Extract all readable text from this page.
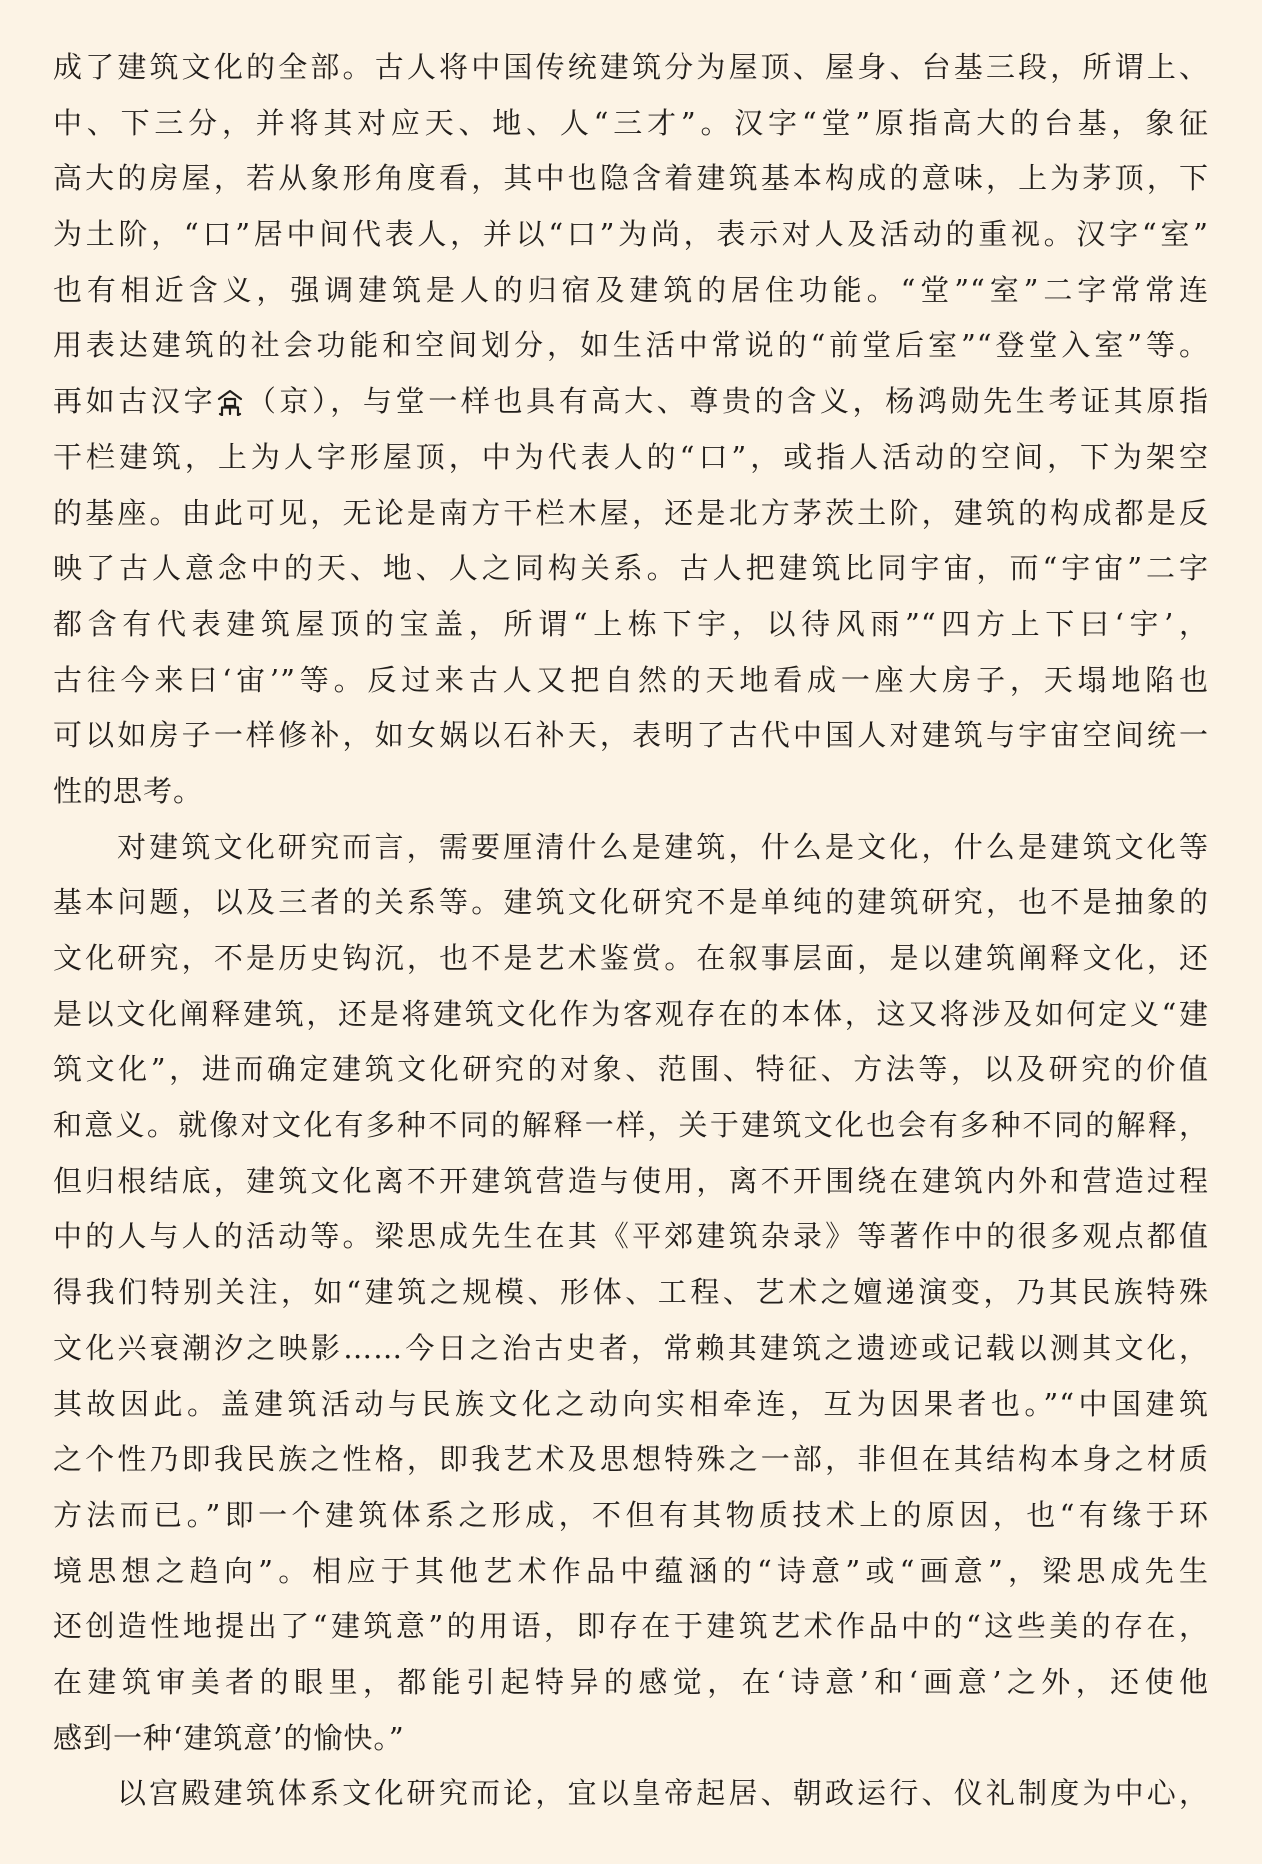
成了建筑文化的全部。古人将中国传统建筑分为屋顶、屋身、台基三段，所谓上、
中、下三分，并将其对应天、地、人“三才”。汉字“堂”原指高大的台基，象征
高大的房屋，若从象形角度看，其中也隐含着建筑基本构成的意味，上为茅顶，下
为土阶，“口”居中间代表人，并以“口”为尚，表示对人及活动的重视。汉字“室”
也有相近含义，强调建筑是人的归宿及建筑的居住功能。“堂”“室”二字常常连
用表达建筑的社会功能和空间划分，如生活中常说的“前堂后室”“登堂入室”等。
再如古汉字 （京），与堂一样也具有高大、尊贵的含义，杨鸿勋先生考证其原指
干栏建筑，上为人字形屋顶，中为代表人的“口”，或指人活动的空间，下为架空
的基座。由此可见，无论是南方干栏木屋，还是北方茅茨土阶，建筑的构成都是反
映了古人意念中的天、地、人之同构关系。古人把建筑比同宇宙，而“宇宙”二字
都含有代表建筑屋顶的宝盖，所谓“上栋下宇，以待风雨”“四方上下曰‘宇’，
古往今来曰‘宙’”等。反过来古人又把自然的天地看成一座大房子，天塌地陷也
可以如房子一样修补，如女娲以石补天，表明了古代中国人对建筑与宇宙空间统一
性的思考。

对建筑文化研究而言，需要厘清什么是建筑，什么是文化，什么是建筑文化等
基本问题，以及三者的关系等。建筑文化研究不是单纯的建筑研究，也不是抽象的
文化研究，不是历史钩沉，也不是艺术鉴赏。在叙事层面，是以建筑阐释文化，还
是以文化阐释建筑，还是将建筑文化作为客观存在的本体，这又将涉及如何定义“建
筑文化”，进而确定建筑文化研究的对象、范围、特征、方法等，以及研究的价值
和意义。就像对文化有多种不同的解释一样，关于建筑文化也会有多种不同的解释，
但归根结底，建筑文化离不开建筑营造与使用，离不开围绕在建筑内外和营造过程
中的人与人的活动等。梁思成先生在其《平郊建筑杂录》等著作中的很多观点都值
得我们特别关注，如“建筑之规模、形体、工程、艺术之嬗递演变，乃其民族特殊
文化兴衰潮汐之映影……今日之治古史者，常赖其建筑之遗迹或记载以测其文化，
其故因此。盖建筑活动与民族文化之动向实相牵连，互为因果者也。”“中国建筑
之个性乃即我民族之性格，即我艺术及思想特殊之一部，非但在其结构本身之材质
方法而已。”即一个建筑体系之形成，不但有其物质技术上的原因，也“有缘于环
境思想之趋向”。相应于其他艺术作品中蕴涵的“诗意”或“画意”，梁思成先生
还创造性地提出了“建筑意”的用语，即存在于建筑艺术作品中的“这些美的存在，
在建筑审美者的眼里，都能引起特异的感觉，在‘诗意’和‘画意’之外，还使他
感到一种‘建筑意’的愉快。”

以宫殿建筑体系文化研究而论，宜以皇帝起居、朝政运行、仪礼制度为中心，
